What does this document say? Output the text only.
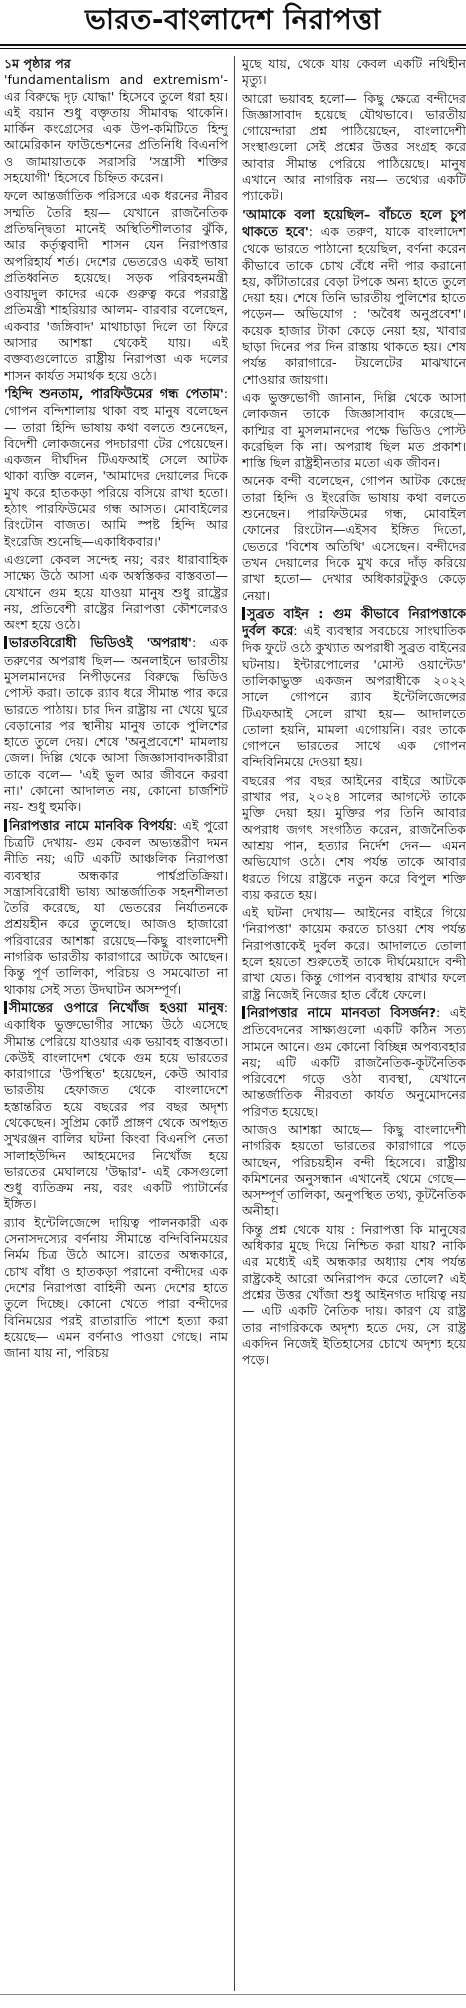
ভারত-বাংলাদেশ নিরাপত্তা

১ম পৃষ্ঠার পর

'fundamentalism and extremism'-এর বিরুদ্ধে দৃঢ় যোদ্ধা' হিসেবে তুলে ধরা হয়। এই বয়ান শুধু বক্তৃতায় সীমাবদ্ধ থাকেনি। মার্কিন কংগ্রেসের এক উপ-কমিটিতে হিন্দু আমেরিকান ফাউন্ডেশনের প্রতিনিধি বিএনপি ও জামায়াতকে সরাসরি 'সন্ত্রাসী শক্তির সহযোগী' হিসেবে চিহ্নিত করেন।

ফলে আন্তর্জাতিক পরিসরে এক ধরনের নীরব সম্মতি তৈরি হয়— যেখানে রাজনৈতিক প্রতিদ্বন্দ্বিতা মানেই অস্থিতিশীলতার ঝুঁকি, আর কর্তৃত্ববাদী শাসন যেন নিরাপত্তার অপরিহার্য শর্ত। দেশের ভেতরেও একই ভাষা প্রতিধ্বনিত হয়েছে। সড়ক পরিবহনমন্ত্রী ওবায়দুল কাদের একে গুরুত্ব করে পররাষ্ট্র প্রতিমন্ত্রী শাহরিয়ার আলম- বারবার বলেছেন, একবার 'জঙ্গিবাদ' মাথাচাড়া দিলে তা ফিরে আসার আশঙ্কা থেকেই যায়। এই বক্তব্যগুলোতে রাষ্ট্রীয় নিরাপত্তা এক দলের শাসন কার্যত সমার্থক হয়ে ওঠে।

'হিন্দি শুনতাম, পারফিউমের গন্ধ পেতাম': গোপন বন্দিশালায় থাকা বহু মানুষ বলেছেন— তারা হিন্দি ভাষায় কথা বলতে শুনেছেন, বিদেশী লোকজনের পদচারণা টের পেয়েছেন। একজন দীর্ঘদিন টিএফআই সেলে আটক থাকা ব্যক্তি বলেন, 'আমাদের দেয়ালের দিকে মুখ করে হাতকড়া পরিয়ে বসিয়ে রাখা হতো। হঠাৎ পারফিউমের গন্ধ আসত। মোবাইলের রিংটোন বাজত। আমি স্পষ্ট হিন্দি আর ইংরেজি শুনেছি—একাধিকবার।'

এগুলো কেবল সন্দেহ নয়; বরং ধারাবাহিক সাক্ষ্যে উঠে আসা এক অস্বস্তিকর বাস্তবতা— যেখানে গুম হয়ে যাওয়া মানুষ শুধু রাষ্ট্রের নয়, প্রতিবেশী রাষ্ট্রের নিরাপত্তা কৌশলেরও অংশ হয়ে ওঠে।

ভারতবিরোধী ভিডিওই 'অপরাধ': এক তরুণের অপরাধ ছিল— অনলাইনে ভারতীয় মুসলমানদের নিপীড়নের বিরুদ্ধে ভিডিও পোস্ট করা। তাকে র‍্যাব ধরে সীমান্ত পার করে ভারতে পাঠায়। চার দিন রাষ্ট্রায় না খেয়ে ঘুরে বেড়ানোর পর স্থানীয় মানুষ তাকে পুলিশের হাতে তুলে দেয়। শেষে 'অনুপ্রবেশে' মামলায় জেল। দিল্লি থেকে আসা জিজ্ঞাসাবাদকারীরা তাকে বলে— 'এই ভুল আর জীবনে করবা না।' কোনো আদালত নয়, কোনো চার্জশিট নয়- শুধু হুমকি।

নিরাপত্তার নামে মানবিক বিপর্যয়: এই পুরো চিত্রটি দেখায়- গুম কেবল অভ্যন্তরীণ দমন নীতি নয়; এটি একটি আঞ্চলিক নিরাপত্তা ব্যবস্থার অন্ধকার পার্শ্বপ্রতিক্রিয়া। সন্ত্রাসবিরোধী ভাষ্য আন্তর্জাতিক সহনশীলতা তৈরি করেছে, যা ভেতরের নির্যাতনকে প্রশ্রয়হীন করে তুলেছে। আজও হাজারো পরিবারের আশঙ্কা রয়েছে—কিছু বাংলাদেশী নাগরিক ভারতীয় কারাগারে আটকে আছেন। কিন্তু পূর্ণ তালিকা, পরিচয় ও সমঝোতা না থাকায় সেই সত্য উদঘাটন অসম্পূর্ণ।

সীমান্তের ওপারে নিখোঁজ হওয়া মানুষ: একাধিক ভুক্তভোগীর সাক্ষ্যে উঠে এসেছে সীমান্ত পেরিয়ে যাওয়ার এক ভয়াবহ বাস্তবতা। কেউই বাংলাদেশ থেকে গুম হয়ে ভারতের কারাগারে 'উপস্থিত' হয়েছেন, কেউ আবার ভারতীয় হেফাজত থেকে বাংলাদেশে হস্তান্তরিত হয়ে বছরের পর বছর অদৃশ্য থেকেছেন। সুপ্রিম কোর্ট প্রাঙ্গণ থেকে অপহৃত সুখরঞ্জন বালির ঘটনা কিংবা বিএনপি নেতা সালাহউদ্দিন আহমেদের নিখোঁজ হয়ে ভারতের মেঘালয়ে 'উদ্ধার'- এই কেসগুলো শুধু ব্যতিক্রম নয়, বরং একটি প্যাটার্নের ইঙ্গিত।

র‍্যাব ইন্টেলিজেন্সে দায়িত্ব পালনকারী এক সেনাসদস্যের বর্ণনায় সীমান্তে বন্দিবিনিময়ের নির্মম চিত্র উঠে আসে। রাতের অন্ধকারে, চোখ বাঁধা ও হাতকড়া পরানো বন্দীদের এক দেশের নিরাপত্তা বাহিনী অন্য দেশের হাতে তুলে দিচ্ছে। কোনো খেতে পারা বন্দীদের বিনিময়ের পরই রাতারাতি পাশে হত্যা করা হয়েছে— এমন বর্ণনাও পাওয়া গেছে। নাম জানা যায় না, পরিচয়

মুছে যায়, থেকে যায় কেবল একটি নথিহীন মৃত্যু।

আরো ভয়াবহ হলো— কিছু ক্ষেত্রে বন্দীদের জিজ্ঞাসাবাদ হয়েছে যৌথভাবে। ভারতীয় গোয়েন্দারা প্রশ্ন পাঠিয়েছেন, বাংলাদেশী সংস্থাগুলো সেই প্রশ্নের উত্তর সংগ্রহ করে আবার সীমান্ত পেরিয়ে পাঠিয়েছে। মানুষ এখানে আর নাগরিক নয়— তথ্যের একটি প্যাকেট।

'আমাকে বলা হয়েছিল– বাঁচতে হলে চুপ থাকতে হবে': এক তরুণ, যাকে বাংলাদেশ থেকে ভারতে পাঠানো হয়েছিল, বর্ণনা করেন কীভাবে তাকে চোখ বেঁধে নদী পার করানো হয়, কাঁটাতারের বেড়া টপকে অন্য হাতে তুলে দেয়া হয়। শেষে তিনি ভারতীয় পুলিশের হাতে পড়েন— অভিযোগ : 'অবৈধ অনুপ্রবেশ'। কয়েক হাজার টাকা কেড়ে নেয়া হয়, খাবার ছাড়া দিনের পর দিন রাস্তায় থাকতে হয়। শেষ পর্যন্ত কারাগারে- টয়লেটের মাঝখানে শোওয়ার জায়গা।

এক ভুক্তভোগী জানান, দিল্লি থেকে আসা লোকজন তাকে জিজ্ঞাসাবাদ করেছে— কাশ্মির বা মুসলমানদের পক্ষে ভিডিও পোস্ট করেছিল কি না। অপরাধ ছিল মত প্রকাশ। শাস্তি ছিল রাষ্ট্রহীনতার মতো এক জীবন।

অনেক বন্দী বলেছেন, গোপন আটক কেন্দ্রে তারা হিন্দি ও ইংরেজি ভাষায় কথা বলতে শুনেছেন। পারফিউমের গন্ধ, মোবাইল ফোনের রিংটোন—এইসব ইঙ্গিত দিতো, ভেতরে 'বিশেষ অতিথি' এসেছেন। বন্দীদের তখন দেয়ালের দিকে মুখ করে দাঁড় করিয়ে রাখা হতো— দেখার অধিকারটুকুও কেড়ে নেয়া।

সুব্রত বাইন : গুম কীভাবে নিরাপত্তাকে দুর্বল করে: এই ব্যবস্থার সবচেয়ে সাংঘাতিক দিক ফুটে ওঠে কুখ্যাত অপরাধী সুব্রত বাইনের ঘটনায়। ইন্টারপোলের 'মোস্ট ওয়ান্টেড' তালিকাভুক্ত একজন অপরাধীকে ২০২২ সালে গোপনে র‍্যাব ইন্টেলিজেন্সের টিএফআই সেলে রাখা হয়— আদালতে তোলা হয়নি, মামলা এগোয়নি। বরং তাকে গোপনে ভারতের সাথে এক গোপন বন্দিবিনিময়ে দেওয়া হয়।

বছরের পর বছর আইনের বাইরে আটকে রাখার পর, ২০২৪ সালের আগস্টে তাকে মুক্তি দেয়া হয়। মুক্তির পর তিনি আবার অপরাধ জগৎ সংগঠিত করেন, রাজনৈতিক আশ্রয় পান, হত্যার নির্দেশ দেন— এমন অভিযোগ ওঠে। শেষ পর্যন্ত তাকে আবার ধরতে গিয়ে রাষ্ট্রকে নতুন করে বিপুল শক্তি ব্যয় করতে হয়।

এই ঘটনা দেখায়— আইনের বাইরে গিয়ে 'নিরাপত্তা' কায়েম করতে চাওয়া শেষ পর্যন্ত নিরাপত্তাকেই দুর্বল করে। আদালতে তোলা হলে হয়তো শুরুতেই তাকে দীর্ঘমেয়াদে বন্দী রাখা যেত। কিন্তু গোপন ব্যবস্থায় রাখার ফলে রাষ্ট্র নিজেই নিজের হাত বেঁধে ফেলে।

নিরাপত্তার নামে মানবতা বিসর্জন?: এই প্রতিবেদনের সাক্ষ্যগুলো একটি কঠিন সত্য সামনে আনে। গুম কোনো বিচ্ছিন্ন অপব্যবহার নয়; এটি একটি রাজনৈতিক-কূটনৈতিক পরিবেশে গড়ে ওঠা ব্যবস্থা, যেখানে আন্তর্জাতিক নীরবতা কার্যত অনুমোদনের পরিণত হয়েছে।

আজও আশঙ্কা আছে— কিছু বাংলাদেশী নাগরিক হয়তো ভারতের কারাগারে পড়ে আছেন, পরিচয়হীন বন্দী হিসেবে। রাষ্ট্রীয় কমিশনের অনুসন্ধান এখানেই থেমে গেছে— অসম্পূর্ণ তালিকা, অনুপস্থিত তথ্য, কূটনৈতিক অনীহা।

কিন্তু প্রশ্ন থেকে যায় : নিরাপত্তা কি মানুষের অধিকার মুছে দিয়ে নিশ্চিত করা যায়? নাকি এর মধ্যেই এই অন্ধকার অধ্যায় শেষ পর্যন্ত রাষ্ট্রকেই আরো অনিরাপদ করে তোলে? এই প্রশ্নের উত্তর খোঁজা শুধু আইনগত দায়িত্ব নয়— এটি একটি নৈতিক দায়। কারণ যে রাষ্ট্র তার নাগরিককে অদৃশ্য হতে দেয়, সে রাষ্ট্র একদিন নিজেই ইতিহাসের চোখে অদৃশ্য হয়ে পড়ে।
